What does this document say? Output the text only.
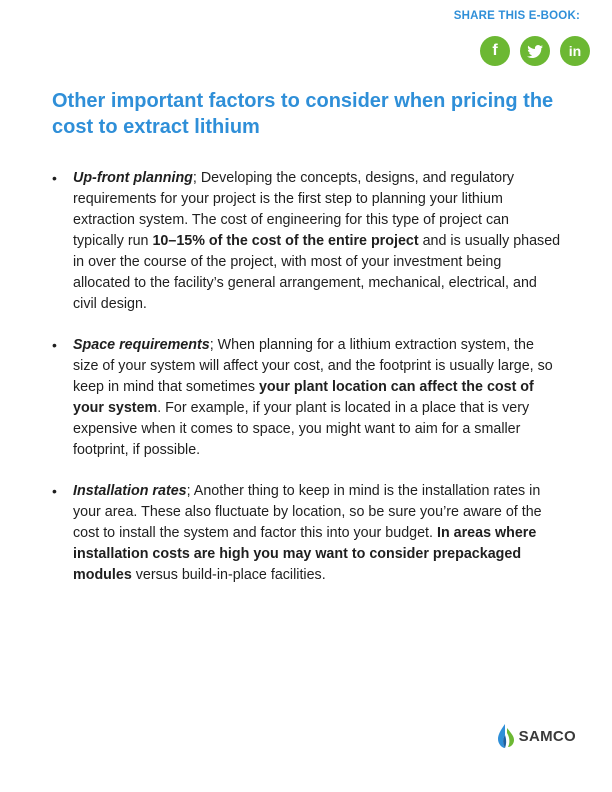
SHARE THIS E-BOOK:
f	in
Other important factors to consider when pricing the cost to extract lithium
• Up-front planning; Developing the concepts, designs, and regulatory requirements for your project is the first step to planning your lithium extraction system. The cost of engineering for this type of project can typically run 10–15% of the cost of the entire project and is usually phased in over the course of the project, with most of your investment being allocated to the facility’s general arrangement, mechanical, electrical, and civil design.
• Space requirements; When planning for a lithium extraction system, the size of your system will affect your cost, and the footprint is usually large, so keep in mind that sometimes your plant location can affect the cost of your system. For example, if your plant is located in a place that is very expensive when it comes to space, you might want to aim for a smaller footprint, if possible.
• Installation rates; Another thing to keep in mind is the installation rates in your area. These also fluctuate by location, so be sure you’re aware of the cost to install the system and factor this into your budget. In areas where installation costs are high you may want to consider prepackaged modules versus build-in-place facilities.
SAMCO
